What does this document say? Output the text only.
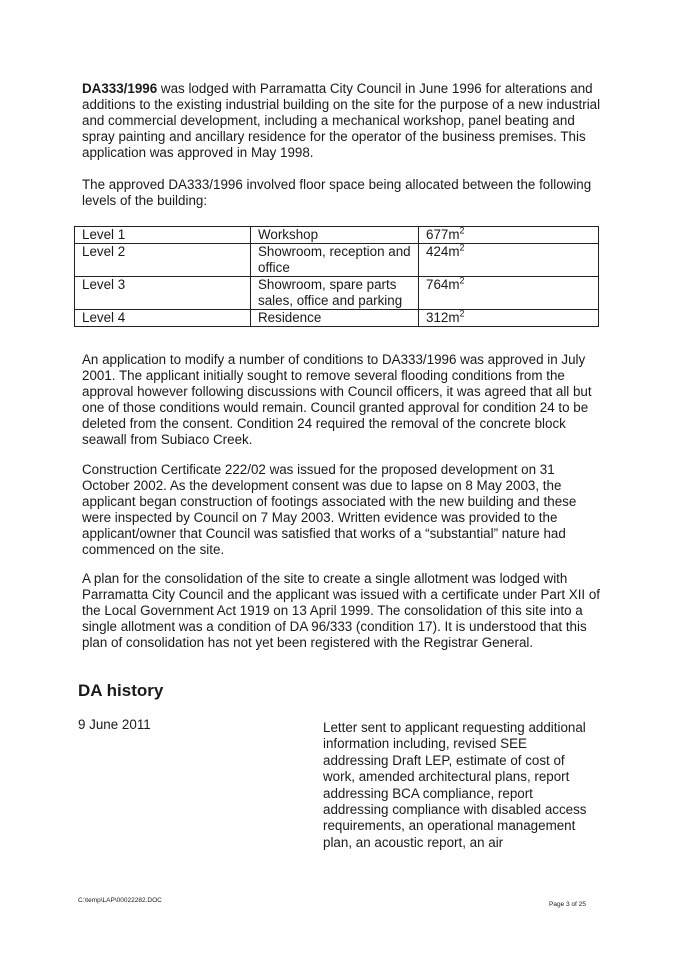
DA333/1996 was lodged with Parramatta City Council in June 1996 for alterations and additions to the existing industrial building on the site for the purpose of a new industrial and commercial development, including a mechanical workshop, panel beating and spray painting and ancillary residence for the operator of the business premises. This application was approved in May 1998.

The approved DA333/1996 involved floor space being allocated between the following levels of the building:

Level 1	Workshop	$677m^2$
Level 2	Showroom, reception and office	$424m^2$
Level 3	Showroom, spare parts sales, office and parking	$764m^2$
Level 4	Residence	$312m^2$

An application to modify a number of conditions to DA333/1996 was approved in July 2001. The applicant initially sought to remove several flooding conditions from the approval however following discussions with Council officers, it was agreed that all but one of those conditions would remain. Council granted approval for condition 24 to be deleted from the consent. Condition 24 required the removal of the concrete block seawall from Subiaco Creek.

Construction Certificate 222/02 was issued for the proposed development on 31 October 2002. As the development consent was due to lapse on 8 May 2003, the applicant began construction of footings associated with the new building and these were inspected by Council on 7 May 2003. Written evidence was provided to the applicant/owner that Council was satisfied that works of a “substantial” nature had commenced on the site.

A plan for the consolidation of the site to create a single allotment was lodged with Parramatta City Council and the applicant was issued with a certificate under Part XII of the Local Government Act 1919 on 13 April 1999. The consolidation of this site into a single allotment was a condition of DA 96/333 (condition 17). It is understood that this plan of consolidation has not yet been registered with the Registrar General.

DA history
9 June 2011	Letter sent to applicant requesting additional information including, revised SEE addressing Draft LEP, estimate of cost of work, amended architectural plans, report addressing BCA compliance, report addressing compliance with disabled access requirements, an operational management plan, an acoustic report, an air
C:\temp\LAP\00022282.DOC
Page 3 of 25
